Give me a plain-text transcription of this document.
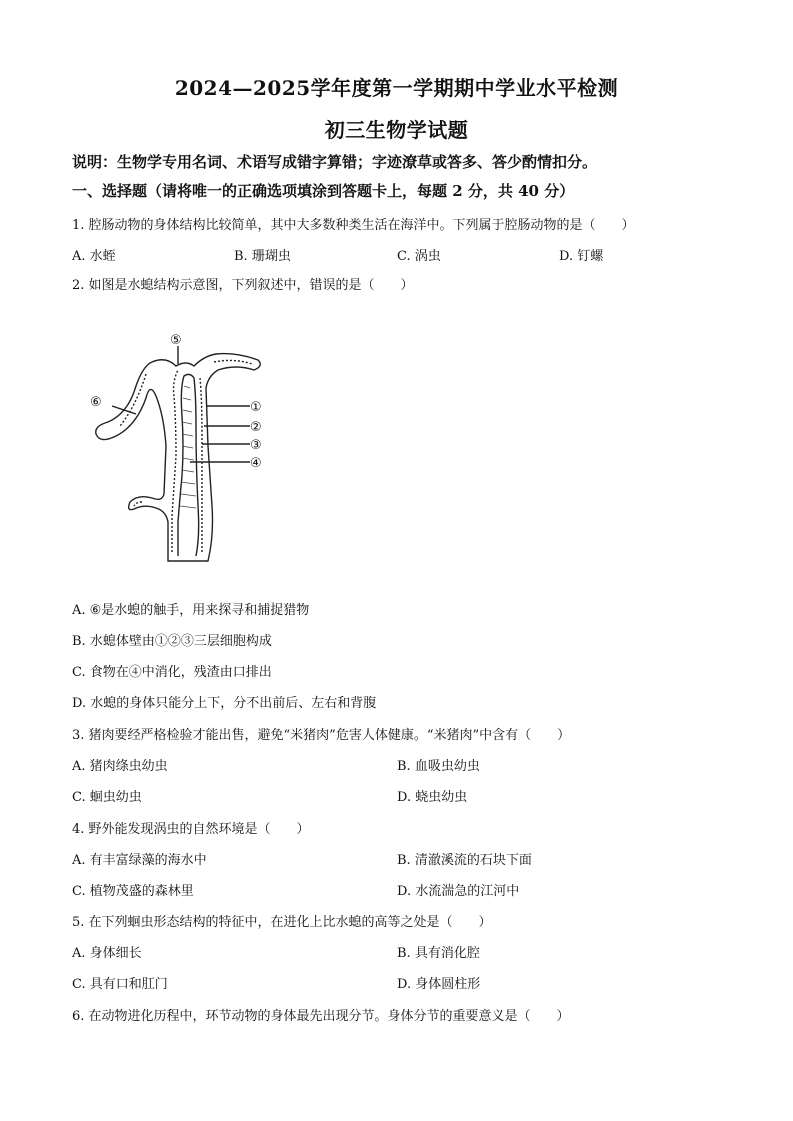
2024—2025学年度第一学期期中学业水平检测
初三生物学试题
说明：生物学专用名词、术语写成错字算错；字迹潦草或答多、答少酌情扣分。
一、选择题（请将唯一的正确选项填涂到答题卡上，每题 2 分，共 40 分）
1. 腔肠动物的身体结构比较简单，其中大多数种类生活在海洋中。下列属于腔肠动物的是（　　）
A. 水蛭	B. 珊瑚虫	C. 涡虫	D. 钉螺
2. 如图是水螅结构示意图，下列叙述中，错误的是（　　）
⑤
⑥	①
②
③
④
A. ⑥是水螅的触手，用来探寻和捕捉猎物
B. 水螅体壁由①②③三层细胞构成
C. 食物在④中消化，残渣由口排出
D. 水螅的身体只能分上下，分不出前后、左右和背腹
3. 猪肉要经严格检验才能出售，避免“米猪肉”危害人体健康。“米猪肉”中含有（　　）
A. 猪肉绦虫幼虫	B. 血吸虫幼虫
C. 蛔虫幼虫	D. 蛲虫幼虫
4. 野外能发现涡虫的自然环境是（　　）
A. 有丰富绿藻的海水中	B. 清澈溪流的石块下面
C. 植物茂盛的森林里	D. 水流湍急的江河中
5. 在下列蛔虫形态结构的特征中，在进化上比水螅的高等之处是（　　）
A. 身体细长	B. 具有消化腔
C. 具有口和肛门	D. 身体圆柱形
6. 在动物进化历程中，环节动物的身体最先出现分节。身体分节的重要意义是（　　）
